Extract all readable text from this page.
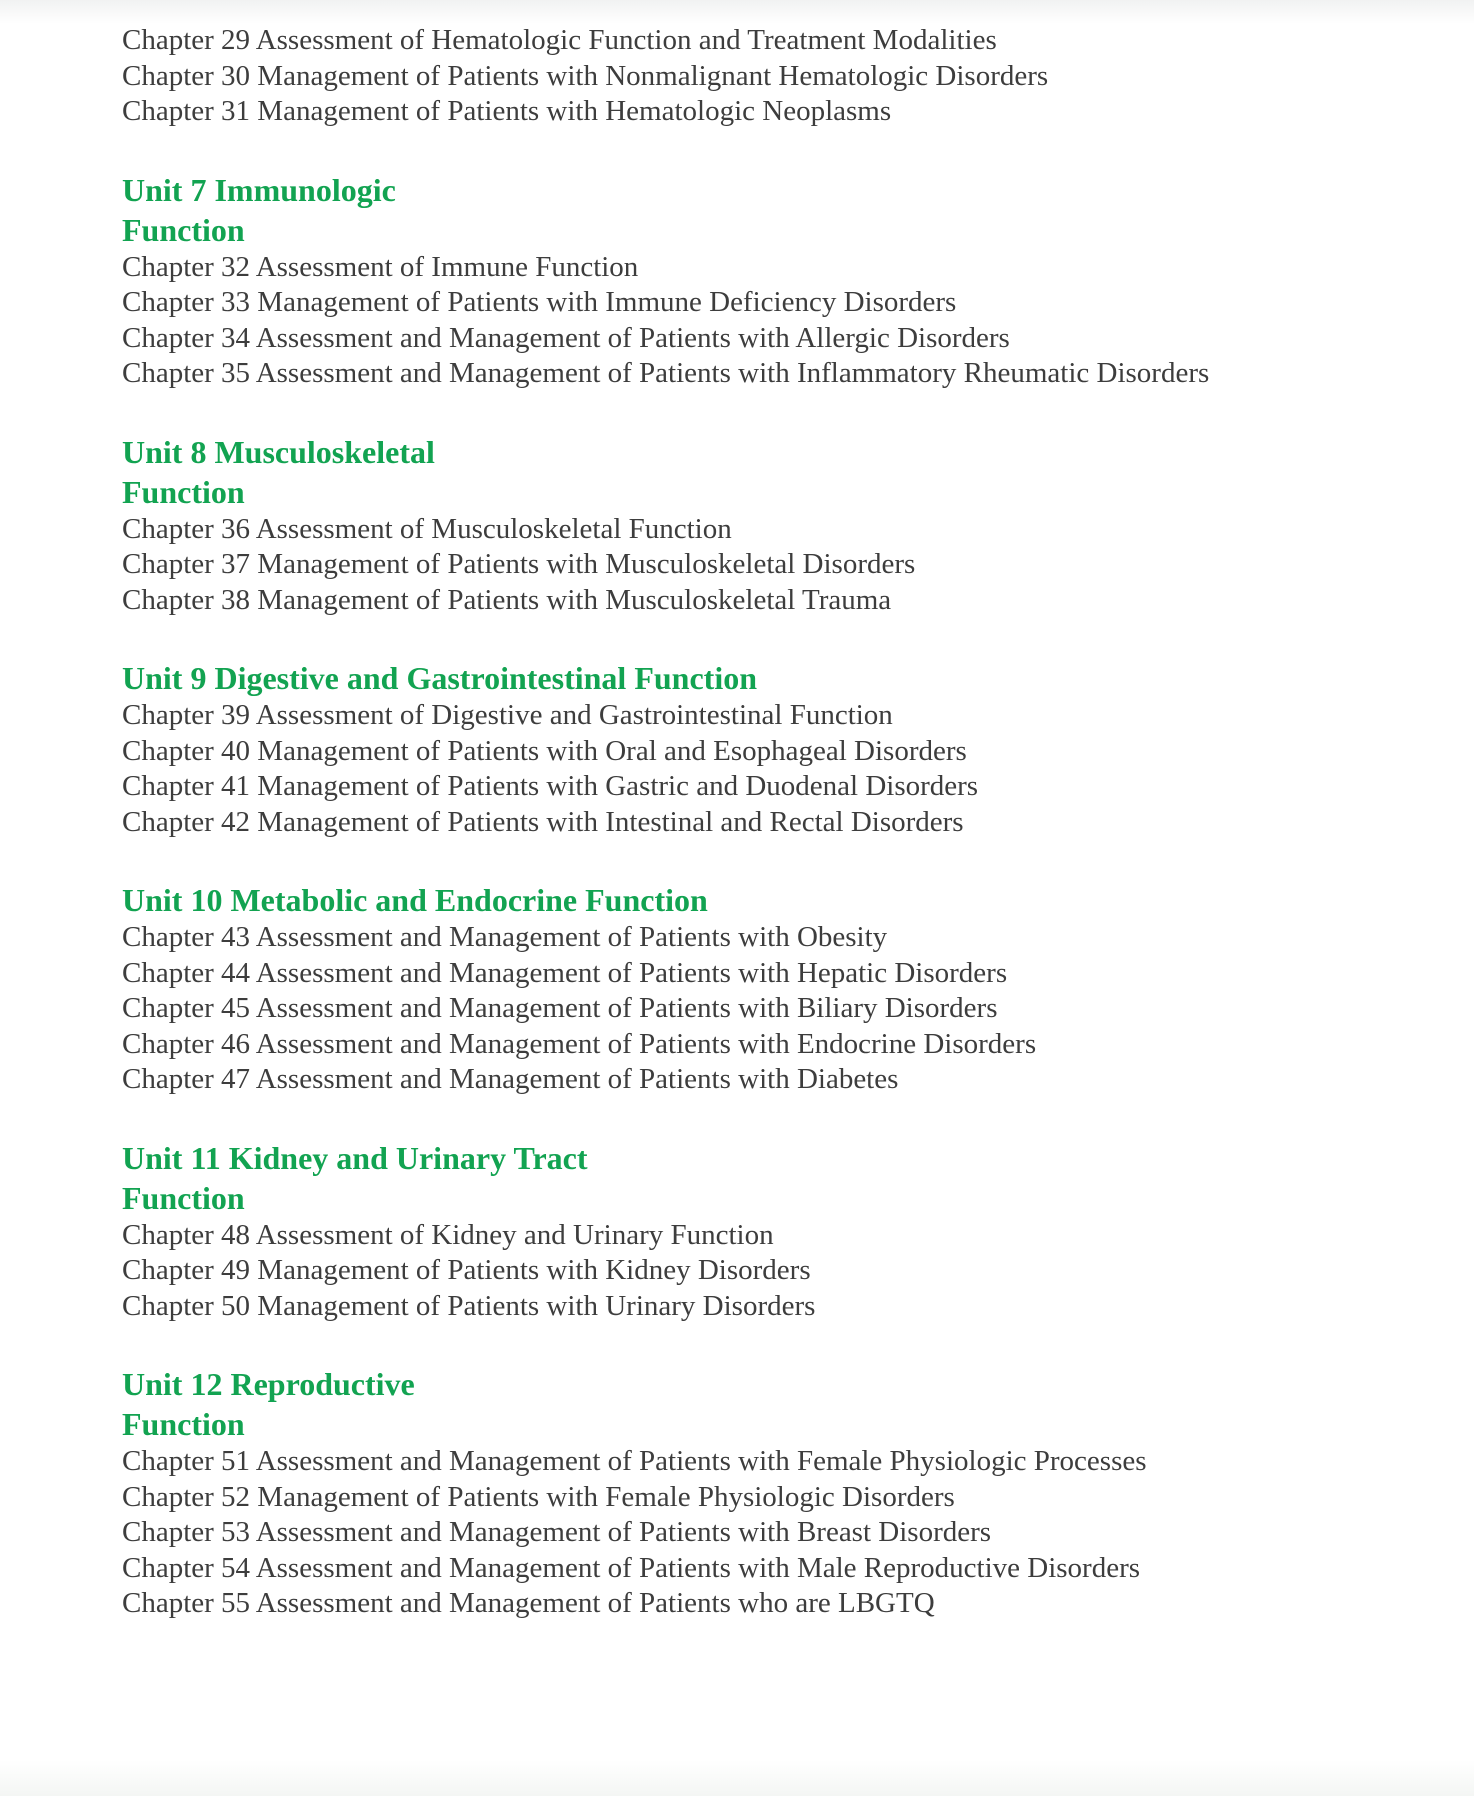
Chapter 29 Assessment of Hematologic Function and Treatment Modalities

Chapter 30 Management of Patients with Nonmalignant Hematologic Disorders

Chapter 31 Management of Patients with Hematologic Neoplasms

Unit 7 Immunologic
Function

Chapter 32 Assessment of Immune Function

Chapter 33 Management of Patients with Immune Deficiency Disorders

Chapter 34 Assessment and Management of Patients with Allergic Disorders

Chapter 35 Assessment and Management of Patients with Inflammatory Rheumatic Disorders

Unit 8 Musculoskeletal
Function

Chapter 36 Assessment of Musculoskeletal Function

Chapter 37 Management of Patients with Musculoskeletal Disorders

Chapter 38 Management of Patients with Musculoskeletal Trauma

Unit 9 Digestive and Gastrointestinal Function

Chapter 39 Assessment of Digestive and Gastrointestinal Function

Chapter 40 Management of Patients with Oral and Esophageal Disorders

Chapter 41 Management of Patients with Gastric and Duodenal Disorders

Chapter 42 Management of Patients with Intestinal and Rectal Disorders

Unit 10 Metabolic and Endocrine Function

Chapter 43 Assessment and Management of Patients with Obesity

Chapter 44 Assessment and Management of Patients with Hepatic Disorders

Chapter 45 Assessment and Management of Patients with Biliary Disorders

Chapter 46 Assessment and Management of Patients with Endocrine Disorders

Chapter 47 Assessment and Management of Patients with Diabetes

Unit 11 Kidney and Urinary Tract
Function

Chapter 48 Assessment of Kidney and Urinary Function

Chapter 49 Management of Patients with Kidney Disorders

Chapter 50 Management of Patients with Urinary Disorders

Unit 12 Reproductive
Function

Chapter 51 Assessment and Management of Patients with Female Physiologic Processes

Chapter 52 Management of Patients with Female Physiologic Disorders

Chapter 53 Assessment and Management of Patients with Breast Disorders

Chapter 54 Assessment and Management of Patients with Male Reproductive Disorders

Chapter 55 Assessment and Management of Patients who are LBGTQ
